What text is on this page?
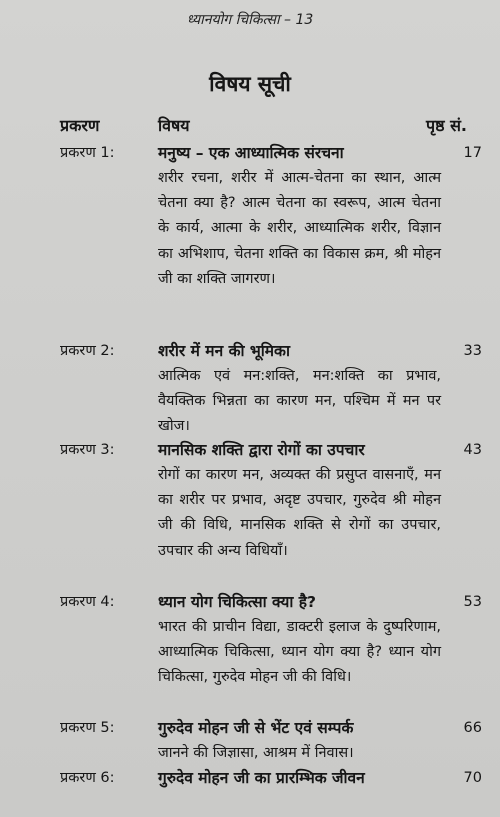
ध्यानयोग चिकित्सा – 13
विषय सूची
प्रकरण	विषय	पृष्ठ सं.
प्रकरण 1:	मनुष्य – एक आध्यात्मिक संरचना	17
शरीर रचना, शरीर में आत्म-चेतना का स्थान, आत्म चेतना क्या है? आत्म चेतना का स्वरूप, आत्म चेतना के कार्य, आत्मा के शरीर, आध्यात्मिक शरीर, विज्ञान का अभिशाप, चेतना शक्ति का विकास क्रम, श्री मोहन जी का शक्ति जागरण।
प्रकरण 2:	शरीर में मन की भूमिका	33
आत्मिक एवं मन:शक्ति, मन:शक्ति का प्रभाव, वैयक्तिक भिन्नता का कारण मन, पश्चिम में मन पर खोज।
प्रकरण 3:	मानसिक शक्ति द्वारा रोगों का उपचार	43
रोगों का कारण मन, अव्यक्त की प्रसुप्त वासनाएँ, मन का शरीर पर प्रभाव, अदृष्ट उपचार, गुरुदेव श्री मोहन जी की विधि, मानसिक शक्ति से रोगों का उपचार, उपचार की अन्य विधियाँ।
प्रकरण 4:	ध्यान योग चिकित्सा क्या है?	53
भारत की प्राचीन विद्या, डाक्टरी इलाज के दुष्परिणाम, आध्यात्मिक चिकित्सा, ध्यान योग क्या है? ध्यान योग चिकित्सा, गुरुदेव मोहन जी की विधि।
प्रकरण 5:	गुरुदेव मोहन जी से भेंट एवं सम्पर्क	66
जानने की जिज्ञासा, आश्रम में निवास।
प्रकरण 6:	गुरुदेव मोहन जी का प्रारम्भिक जीवन	70
